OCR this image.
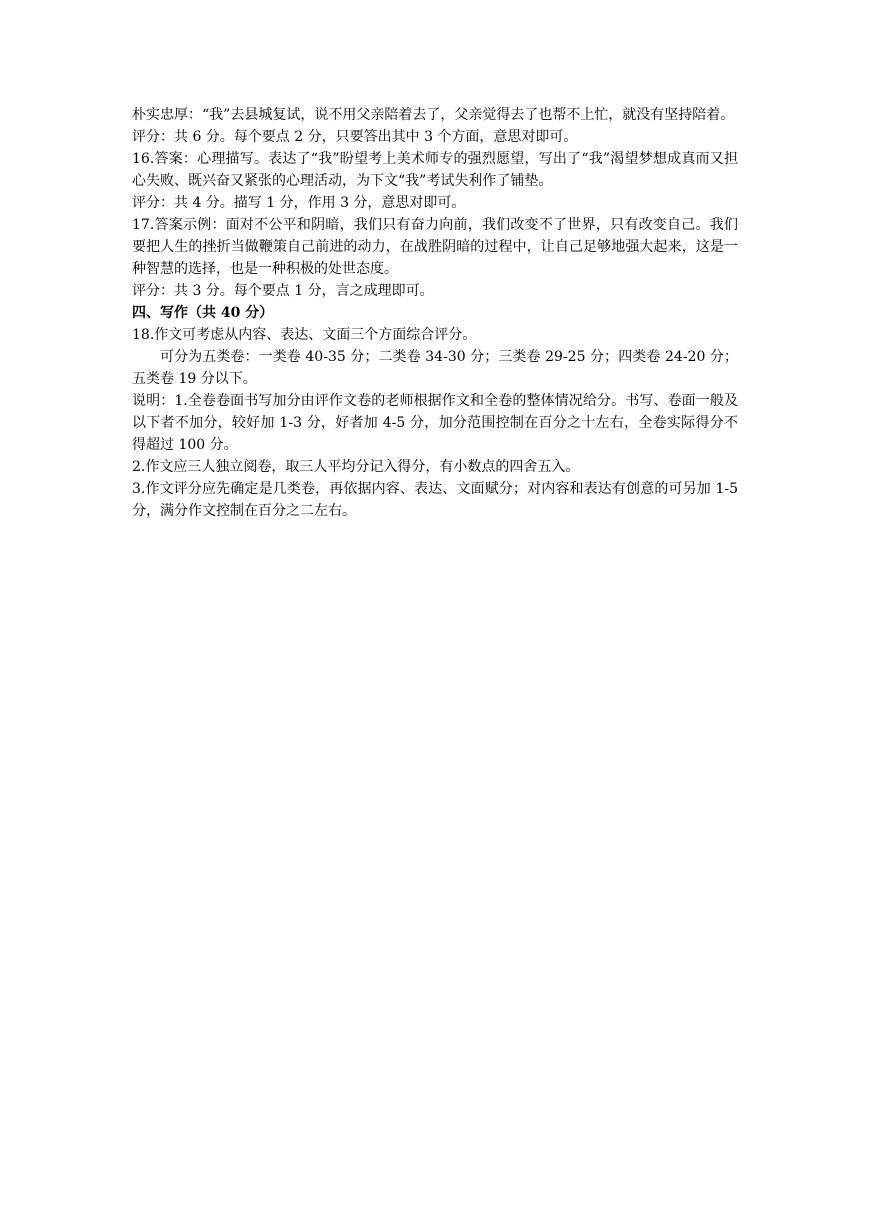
朴实忠厚：“我”去县城复试，说不用父亲陪着去了，父亲觉得去了也帮不上忙，就没有坚持陪着。

评分：共 6 分。每个要点 2 分，只要答出其中 3 个方面，意思对即可。

16.答案：心理描写。表达了“我”盼望考上美术师专的强烈愿望，写出了“我”渴望梦想成真而又担心失败、既兴奋又紧张的心理活动，为下文“我”考试失利作了铺垫。

评分：共 4 分。描写 1 分，作用 3 分，意思对即可。

17.答案示例：面对不公平和阴暗，我们只有奋力向前，我们改变不了世界，只有改变自己。我们要把人生的挫折当做鞭策自己前进的动力，在战胜阴暗的过程中，让自己足够地强大起来，这是一种智慧的选择，也是一种积极的处世态度。

评分：共 3 分。每个要点 1 分，言之成理即可。

四、写作（共 40 分）

18.作文可考虑从内容、表达、文面三个方面综合评分。

可分为五类卷：一类卷 40-35 分；二类卷 34-30 分；三类卷 29-25 分；四类卷 24-20 分；五类卷 19 分以下。

说明：1.全卷卷面书写加分由评作文卷的老师根据作文和全卷的整体情况给分。书写、卷面一般及以下者不加分，较好加 1-3 分，好者加 4-5 分，加分范围控制在百分之十左右，全卷实际得分不得超过 100 分。

2.作文应三人独立阅卷，取三人平均分记入得分，有小数点的四舍五入。

3.作文评分应先确定是几类卷，再依据内容、表达、文面赋分；对内容和表达有创意的可另加 1-5 分，满分作文控制在百分之二左右。
